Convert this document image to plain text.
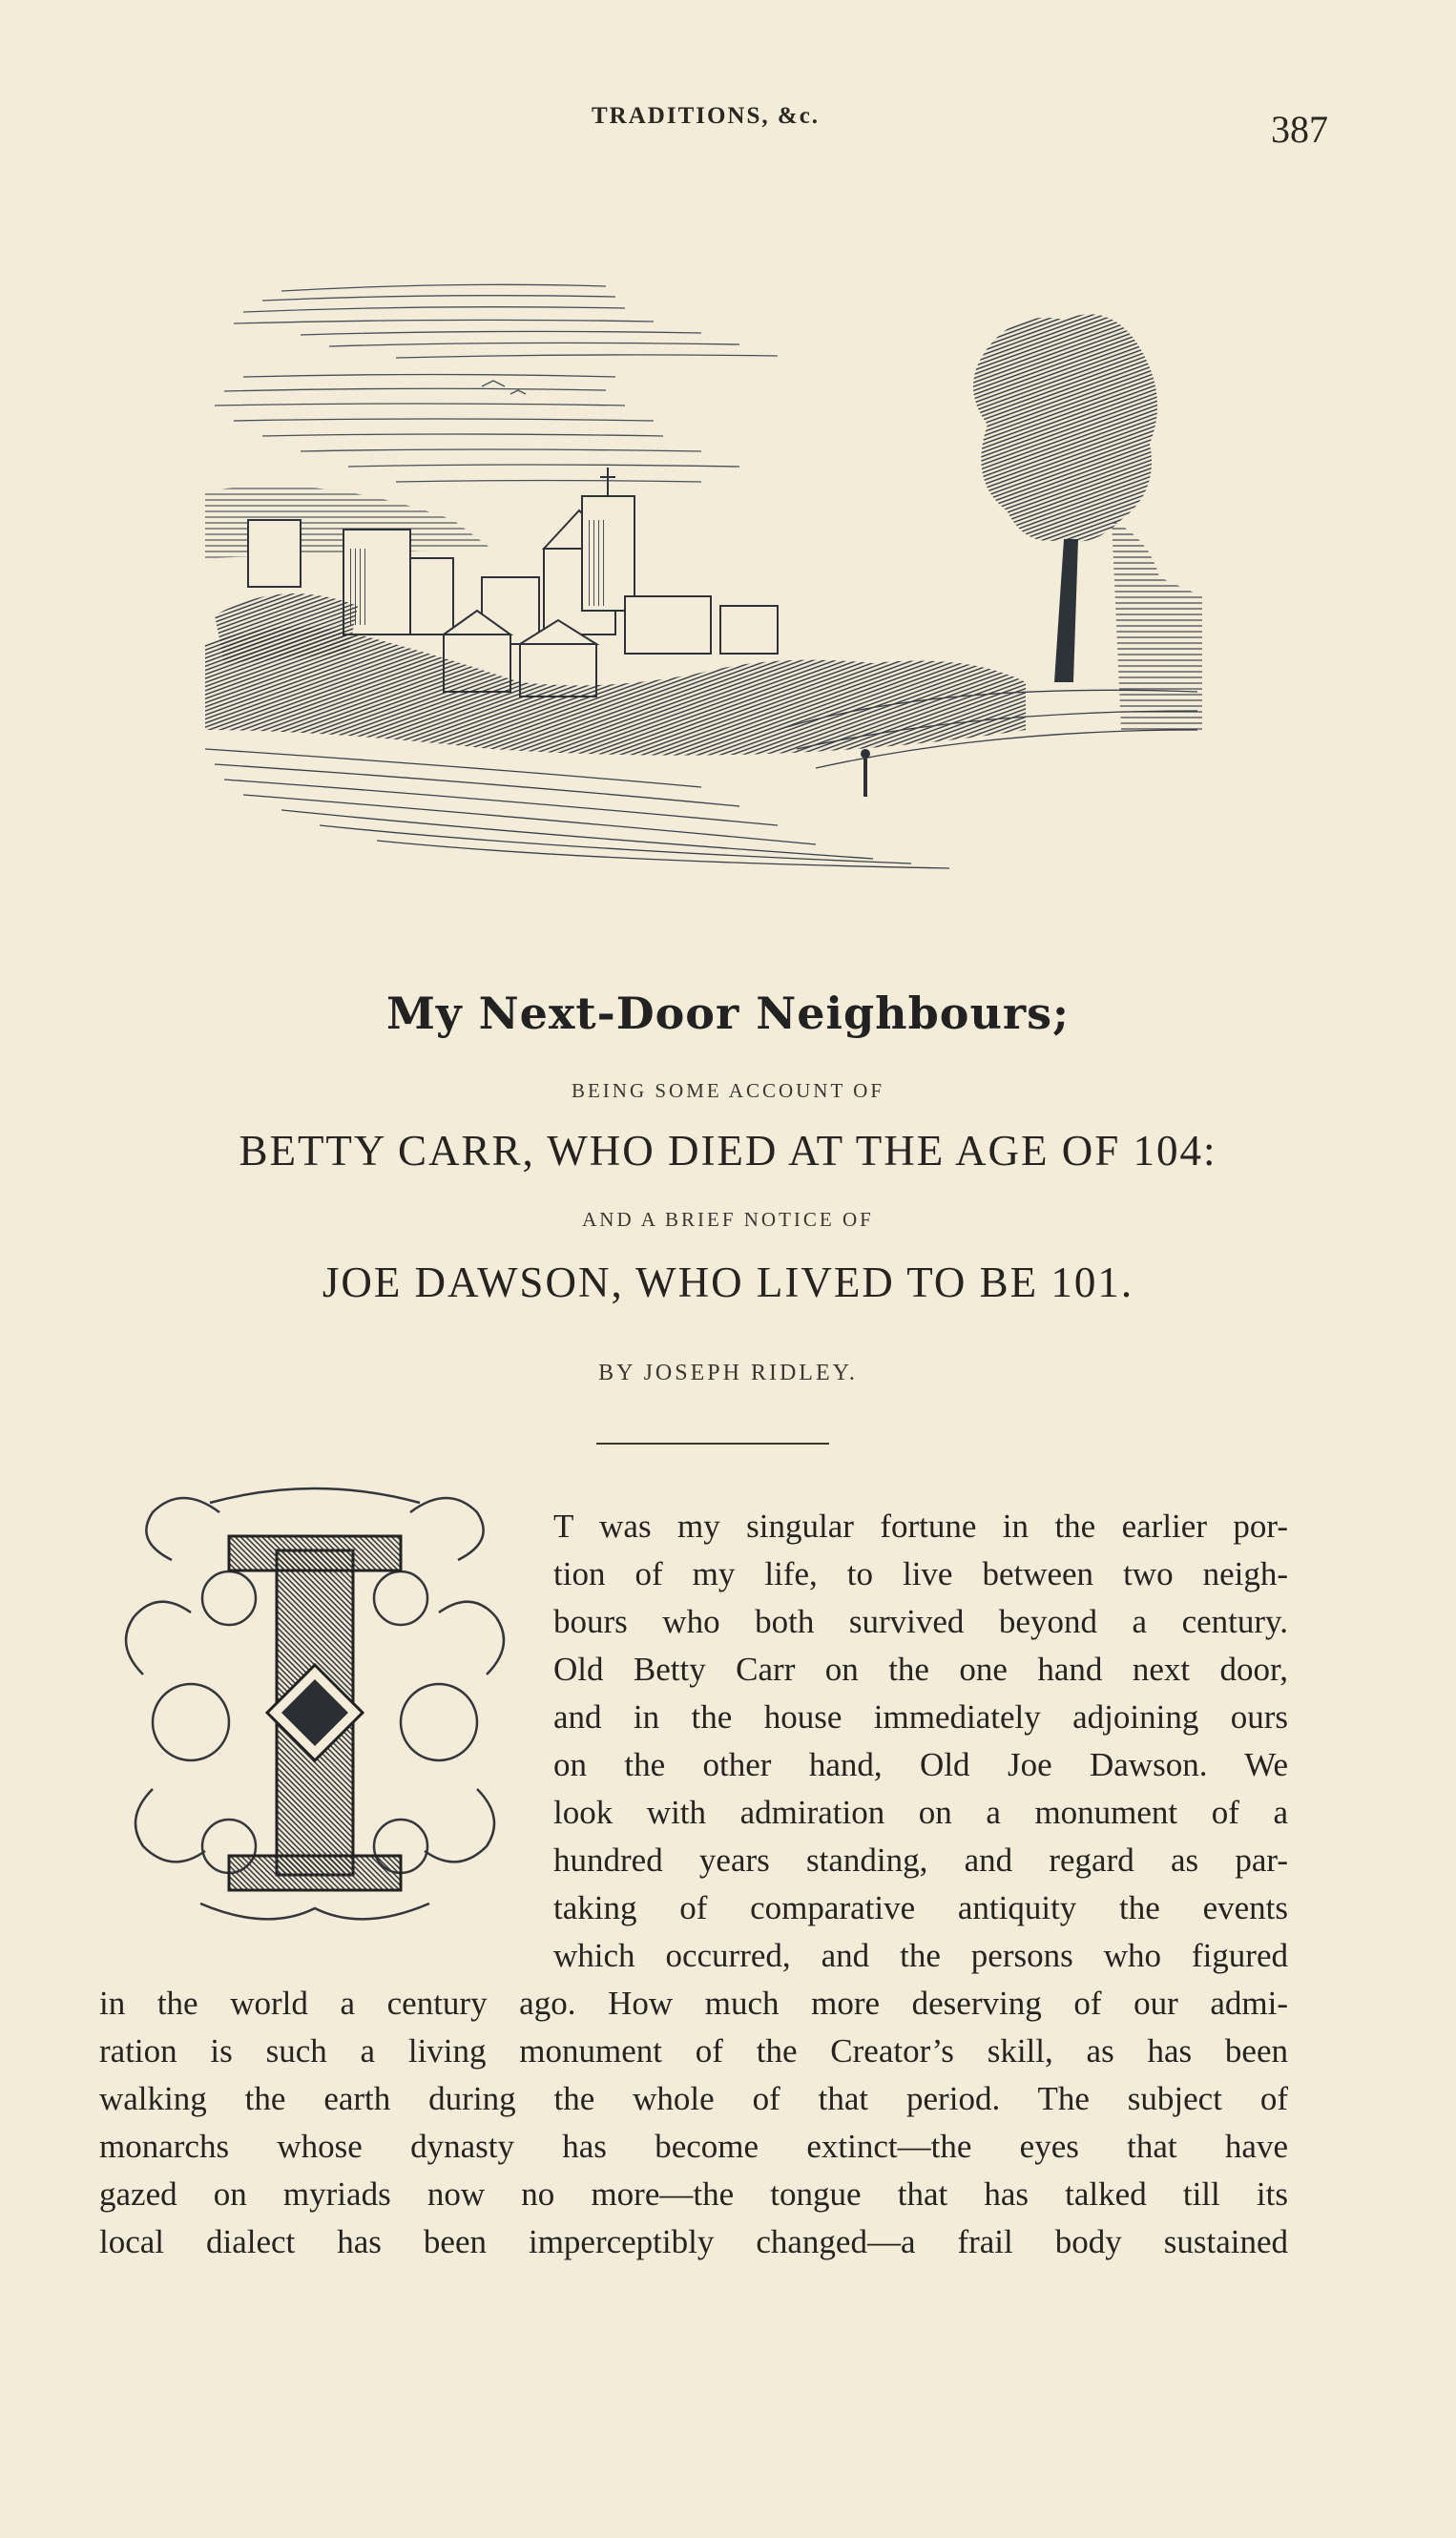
TRADITIONS, &c.	387
My Next-Door Neighbours;
BEING SOME ACCOUNT OF
BETTY CARR, WHO DIED AT THE AGE OF 104:
AND A BRIEF NOTICE OF
JOE DAWSON, WHO LIVED TO BE 101.
BY JOSEPH RIDLEY.
T was my singular fortune in the earlier por-
tion of my life, to live between two neigh-
bours who both survived beyond a century.
Old Betty Carr on the one hand next door,
and in the house immediately adjoining ours
on the other hand, Old Joe Dawson. We
look with admiration on a monument of a
hundred years standing, and regard as par-
taking of comparative antiquity the events
which occurred, and the persons who figured
in the world a century ago. How much more deserving of our admi-
ration is such a living monument of the Creator’s skill, as has been
walking the earth during the whole of that period. The subject of
monarchs whose dynasty has become extinct—the eyes that have
gazed on myriads now no more—the tongue that has talked till its
local dialect has been imperceptibly changed—a frail body sustained
